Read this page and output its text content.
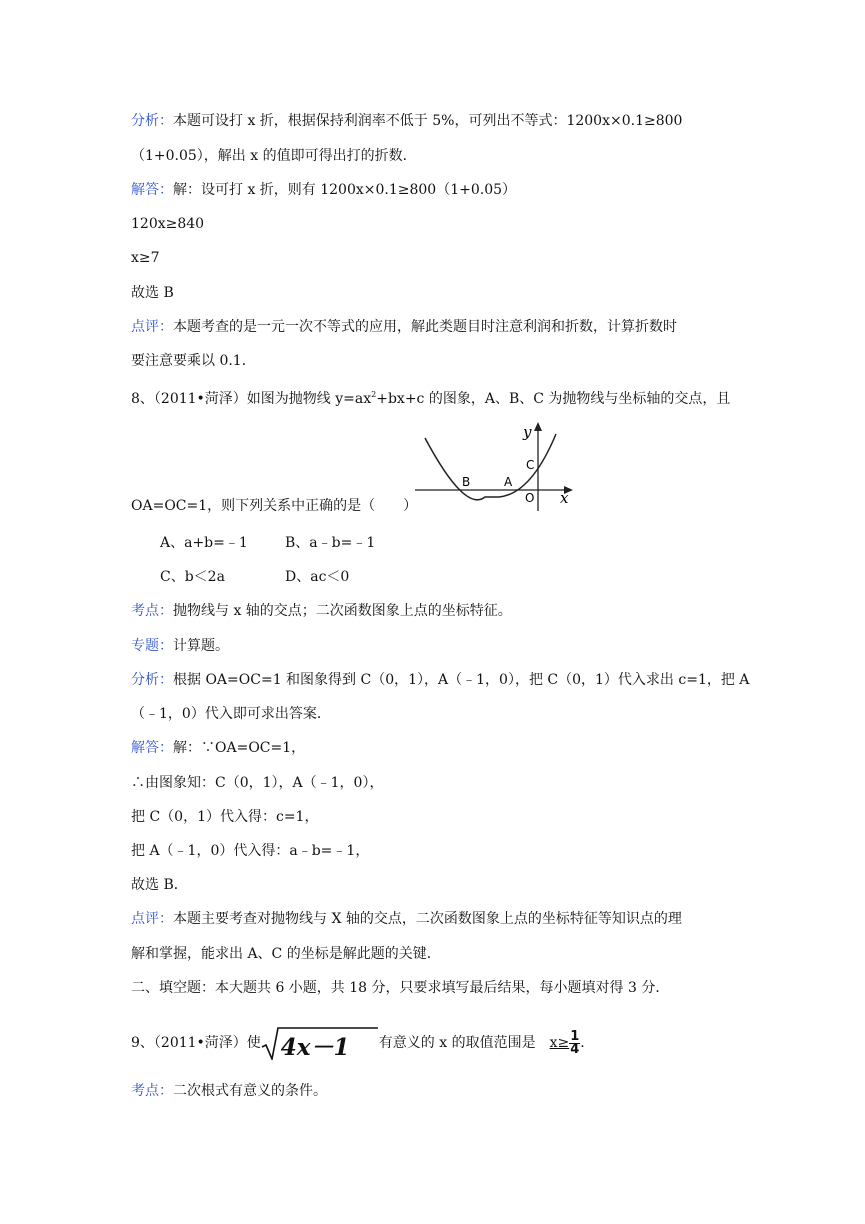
分析：本题可设打 x 折，根据保持利润率不低于 5%，可列出不等式：1200x×0.1≥800
（1+0.05），解出 x 的值即可得出打的折数．
解答：解：设可打 x 折，则有 1200x×0.1≥800（1+0.05）
120x≥840
x≥7
故选 B
点评：本题考查的是一元一次不等式的应用，解此类题目时注意利润和折数，计算折数时
要注意要乘以 0.1．
8、（2011•菏泽）如图为抛物线 $y=ax^2+bx+c$ 的图象，A、B、C 为抛物线与坐标轴的交点，且
y
x
B	A
C
O
OA=OC=1，则下列关系中正确的是（　　）
A、a+b=﹣1	B、a﹣b=﹣1
C、b＜2a	D、ac＜0
考点：抛物线与 x 轴的交点；二次函数图象上点的坐标特征。
专题：计算题。
分析：根据 OA=OC=1 和图象得到 C（0，1），A（﹣1，0），把 C（0，1）代入求出 c=1，把 A
（﹣1，0）代入即可求出答案．
解答：解：∵OA=OC=1，
∴由图象知：C（0，1），A（﹣1，0），
把 C（0，1）代入得：c=1，
把 A（﹣1，0）代入得：a﹣b=﹣1，
故选 B．
点评：本题主要考查对抛物线与 X 轴的交点，二次函数图象上点的坐标特征等知识点的理
解和掌握，能求出 A、C 的坐标是解此题的关键．
二、填空题：本大题共 6 小题，共 18 分，只要求填写最后结果，每小题填对得 3 分．
9、（2011•菏泽）使 4x－1 有意义的 x 的取值范围是 $x\ge \frac{1}{4}$ .
考点：二次根式有意义的条件。
